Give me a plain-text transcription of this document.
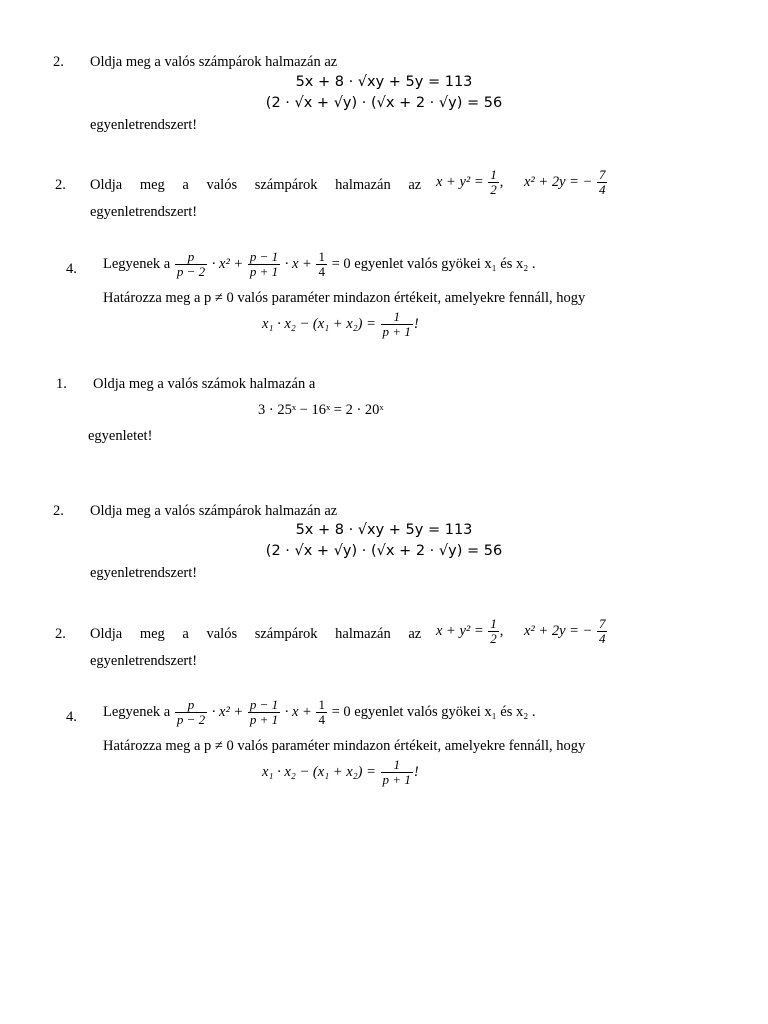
2. Oldja meg a valós számpárok halmazán az
5x + 8 · √xy + 5y = 113
(2 · √x + √y) · (√x + 2 · √y) = 56
egyenletrendszert!
2. Oldja meg a valós számpárok halmazán az $x + y^2 = \frac{1}{2}$ , x² + 2y = − $\frac{7}{4}$
egyenletrendszert!
4. Legyenek a $\frac{p}{p - 2} \cdot x^2 + \frac{p - 1}{p + 1} \cdot x + \frac{1}{4} = 0$ egyenlet valós gyökei x₁ és x₂ .
Határozza meg a p ≠ 0 valós paraméter mindazon értékeit, amelyekre fennáll, hogy
$x_1 \cdot x_2 - (x_1 + x_2) = \frac{1}{p + 1}$ !
1. Oldja meg a valós számok halmazán a
3 · 25ˣ − 16ˣ = 2 · 20ˣ
egyenletet!
2. Oldja meg a valós számpárok halmazán az
5x + 8 · √xy + 5y = 113
(2 · √x + √y) · (√x + 2 · √y) = 56
egyenletrendszert!
2. Oldja meg a valós számpárok halmazán az $x + y^2 = \frac{1}{2}$ , x² + 2y = − $\frac{7}{4}$
egyenletrendszert!
4. Legyenek a $\frac{p}{p - 2} \cdot x^2 + \frac{p - 1}{p + 1} \cdot x + \frac{1}{4} = 0$ egyenlet valós gyökei x₁ és x₂ .
Határozza meg a p ≠ 0 valós paraméter mindazon értékeit, amelyekre fennáll, hogy
$x_1 \cdot x_2 - (x_1 + x_2) = \frac{1}{p + 1}$ !
